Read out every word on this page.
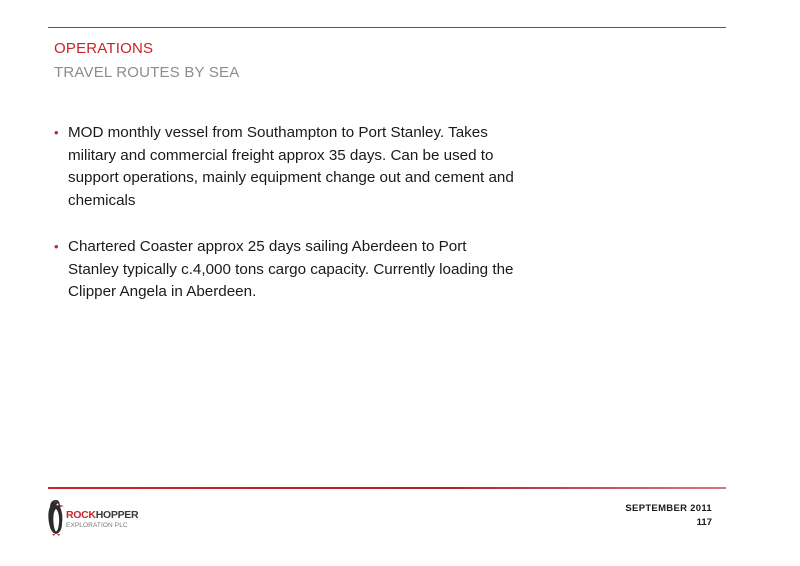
OPERATIONS
TRAVEL ROUTES BY SEA
• MOD monthly vessel from Southampton to Port Stanley. Takes military and commercial freight approx 35 days. Can be used to support operations, mainly equipment change out and cement and chemicals
• Chartered Coaster approx 25 days sailing Aberdeen to Port Stanley typically c.4,000 tons cargo capacity. Currently loading the Clipper Angela in Aberdeen.
ROCKHOPPER
EXPLORATION PLC
SEPTEMBER 2011
117
